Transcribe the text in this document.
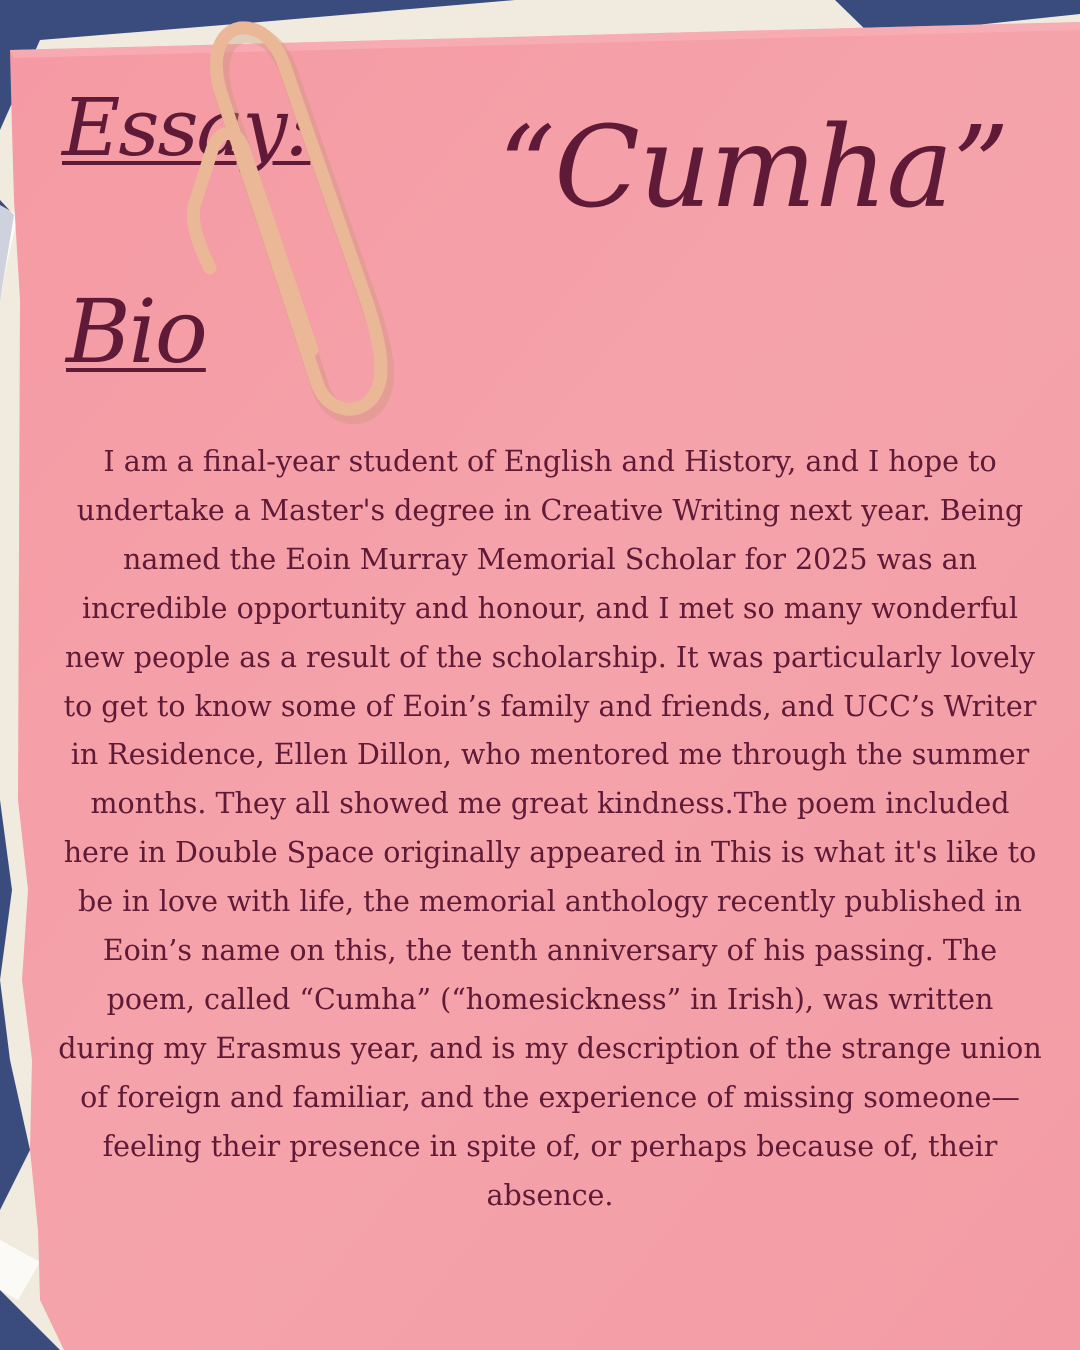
Essay: “Cumha”
Bio

I am a final-year student of English and History, and I hope to undertake a Master's degree in Creative Writing next year. Being named the Eoin Murray Memorial Scholar for 2025 was an incredible opportunity and honour, and I met so many wonderful new people as a result of the scholarship. It was particularly lovely to get to know some of Eoin’s family and friends, and UCC’s Writer in Residence, Ellen Dillon, who mentored me through the summer months. They all showed me great kindness.The poem included here in Double Space originally appeared in This is what it's like to be in love with life, the memorial anthology recently published in Eoin’s name on this, the tenth anniversary of his passing. The poem, called “Cumha” (“homesickness” in Irish), was written during my Erasmus year, and is my description of the strange union of foreign and familiar, and the experience of missing someone—feeling their presence in spite of, or perhaps because of, their absence.
